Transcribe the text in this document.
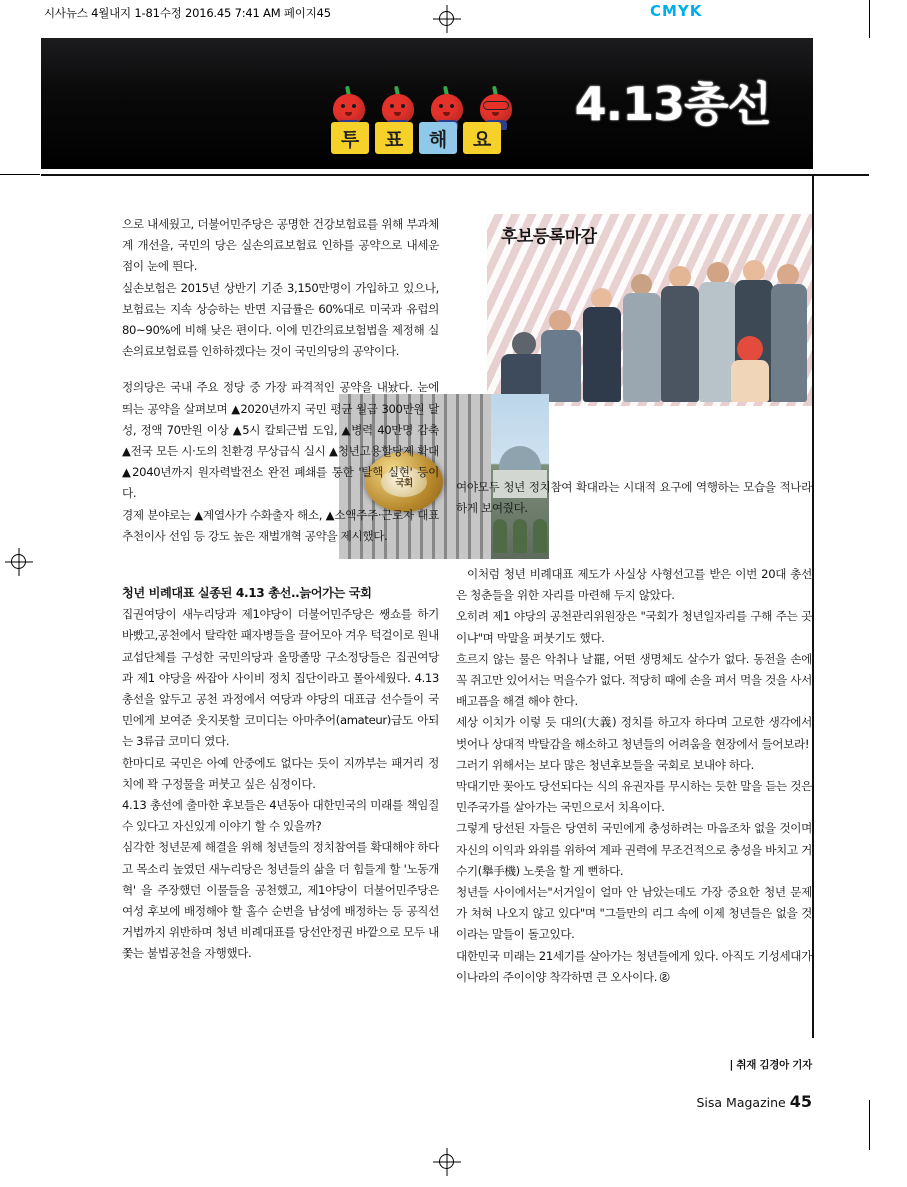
시사뉴스 4월내지 1-81수정 2016.45 7:41 AM 페이지45	CMYK
투	표	해	요
4.13총선
후보등록마감
국회

으로 내세웠고, 더불어민주당은 공명한 건강보험료를 위해 부과체계 개선을, 국민의 당은 실손의료보험료 인하를 공약으로 내세운 점이 눈에 띈다.

실손보험은 2015년 상반기 기준 3,150만명이 가입하고 있으나, 보험료는 지속 상승하는 반면 지급률은 60%대로 미국과 유럽의 80~90%에 비해 낮은 편이다. 이에 민간의료보험법을 제정해 실손의료보험료를 인하하겠다는 것이 국민의당의 공약이다.

정의당은 국내 주요 정당 중 가장 파격적인 공약을 내놨다. 눈에 띄는 공약을 살펴보며 ▲2020년까지 국민 평균 월급 300만원 달성, 정액 70만원 이상 ▲5시 칼퇴근법 도입, ▲병력 40만명 감축 ▲전국 모든 시·도의 친환경 무상급식 실시 ▲청년고용할당제 확대 ▲2040년까지 원자력발전소 완전 폐쇄를 통한 '탈핵 실현' 등이다.

경제 분야로는 ▲계열사가 수화출자 해소, ▲소액주주·근로자 대표 추천이사 선임 등 강도 높은 재벌개혁 공약을 제시했다.

청년 비례대표 실종된 4.13 총선..늙어가는 국회

집권여당이 새누리당과 제1야당이 더불어민주당은 쌩쇼를 하기 바빴고,공천에서 탈락한 패자병들을 끌어모아 겨우 턱걸이로 원내 교섭단체를 구성한 국민의당과 올망졸망 구소정당들은 집권여당과 제1 야당을 싸잡아 사이비 정치 집단이라고 몰아세웠다. 4.13 총선을 앞두고 공천 과정에서 여당과 야당의 대표급 선수들이 국민에게 보여준 웃지못할 코미디는 아마추어(amateur)급도 아되는 3류급 코미디 였다.

한마디로 국민은 아예 안중에도 없다는 듯이 지까부는 패거리 정치에 꽉 구정물을 퍼붓고 싶은 심정이다.

4.13 총선에 출마한 후보들은 4년동아 대한민국의 미래를 책임질 수 있다고 자신있게 이야기 할 수 있을까?

심각한 청년문제 해결을 위해 청년들의 정치참여를 확대해야 하다고 목소리 높였던 새누리당은 청년들의 삶을 더 힘들게 할 '노동개혁' 을 주장했던 이물들을 공천했고, 제1야당이 더불어민주당은 여성 후보에 배정해야 할 홀수 순번을 남성에 배정하는 등 공직선거법까지 위반하며 청년 비례대표를 당선안정권 바깥으로 모두 내쫓는 불법공천을 자행했다.

여야모두 청년 정치참여 확대라는 시대적 요구에 역행하는 모습을 적나라하게 보여줬다.

이처럼 청년 비례대표 제도가 사실상 사형선고를 받은 이번 20대 총선은 청춘들을 위한 자리를 마련해 두지 않았다.

오히려 제1 야당의 공천관리위원장은 "국회가 청년일자리를 구해 주는 곳이냐"며 막말을 퍼붓기도 했다.

흐르지 않는 물은 악취나 날罷, 어떤 생명체도 살수가 없다. 동전을 손에 꼭 쥐고만 있어서는 먹을수가 없다. 적당히 때에 손을 펴서 먹을 것을 사서 배고픔을 해결 해야 한다.

세상 이치가 이렇 듯 대의(大義) 정치를 하고자 하다며 고로한 생각에서 벗어나 상대적 박탈감을 해소하고 청년들의 어려움을 현장에서 들어보라!

그러기 위해서는 보다 많은 청년후보들을 국회로 보내야 하다.

막대기만 꽂아도 당선되다는 식의 유권자를 무시하는 듯한 말을 듣는 것은 민주국가를 살아가는 국민으로서 치욕이다.

그렇게 당선된 자들은 당연히 국민에게 충성하려는 마음조차 없을 것이며 자신의 이익과 와위를 위하여 계파 권력에 무조건적으로 충성을 바치고 거수기(擧手機) 노롯을 할 게 뻔하다.

청년들 사이에서는"서거일이 얼마 안 남았는데도 가장 중요한 청년 문제가 쳐혀 나오지 않고 있다"며 "그들만의 리그 속에 이제 청년들은 없을 것이라는 말들이 돌고있다.

대한민국 미래는 21세기를 살아가는 청년들에게 있다. 아직도 기성세대가 이나라의 주이이양 착각하면 큰 오사이다. Ⓢ

| 취재 김경아 기자
Sisa Magazine 45
